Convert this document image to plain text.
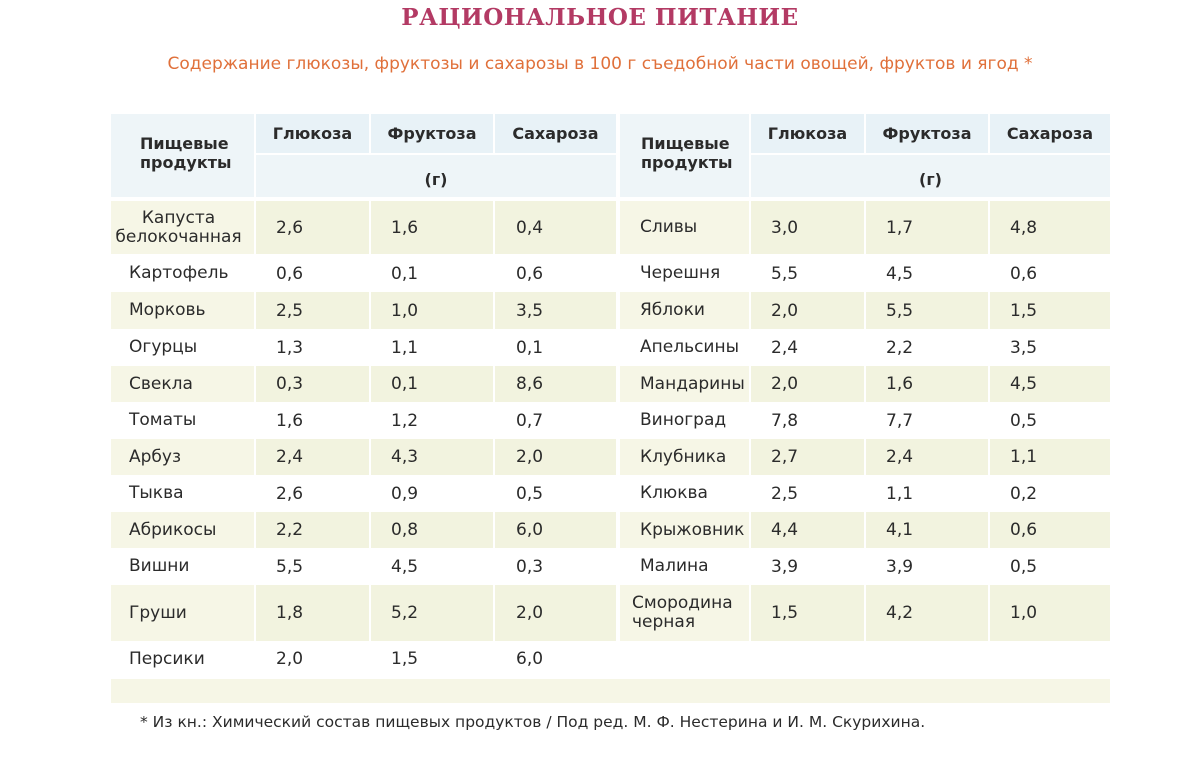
РАЦИОНАЛЬНОЕ ПИТАНИЕ
Содержание глюкозы, фруктозы и сахарозы в 100 г съедобной части овощей, фруктов и ягод *
Пищевые продукты
Глюкоза	Фруктоза	Сахароза
(г)
Пищевые продукты
Глюкоза	Фруктоза	Сахароза
(г)
Капуста белокочанная 2,6	1,6	0,4
Картофель	0,6	0,1	0,6
Морковь	2,5	1,0	3,5
Огурцы	1,3	1,1	0,1
Свекла	0,3	0,1	8,6
Томаты	1,6	1,2	0,7
Арбуз	2,4	4,3	2,0
Тыква	2,6	0,9	0,5
Абрикосы	2,2	0,8	6,0
Вишни	5,5	4,5	0,3
Груши	1,8	5,2	2,0
Персики	2,0	1,5	6,0
Сливы	3,0	1,7	4,8
Черешня	5,5	4,5	0,6
Яблоки	2,0	5,5	1,5
Апельсины	2,4	2,2	3,5
Мандарины	2,0	1,6	4,5
Виноград	7,8	7,7	0,5
Клубника	2,7	2,4	1,1
Клюква	2,5	1,1	0,2
Крыжовник	4,4	4,1	0,6
Малина	3,9	3,9	0,5
Смородина черная	1,5	4,2	1,0
* Из кн.: Химический состав пищевых продуктов / Под ред. М. Ф. Нестерина и И. М. Скурихина.
